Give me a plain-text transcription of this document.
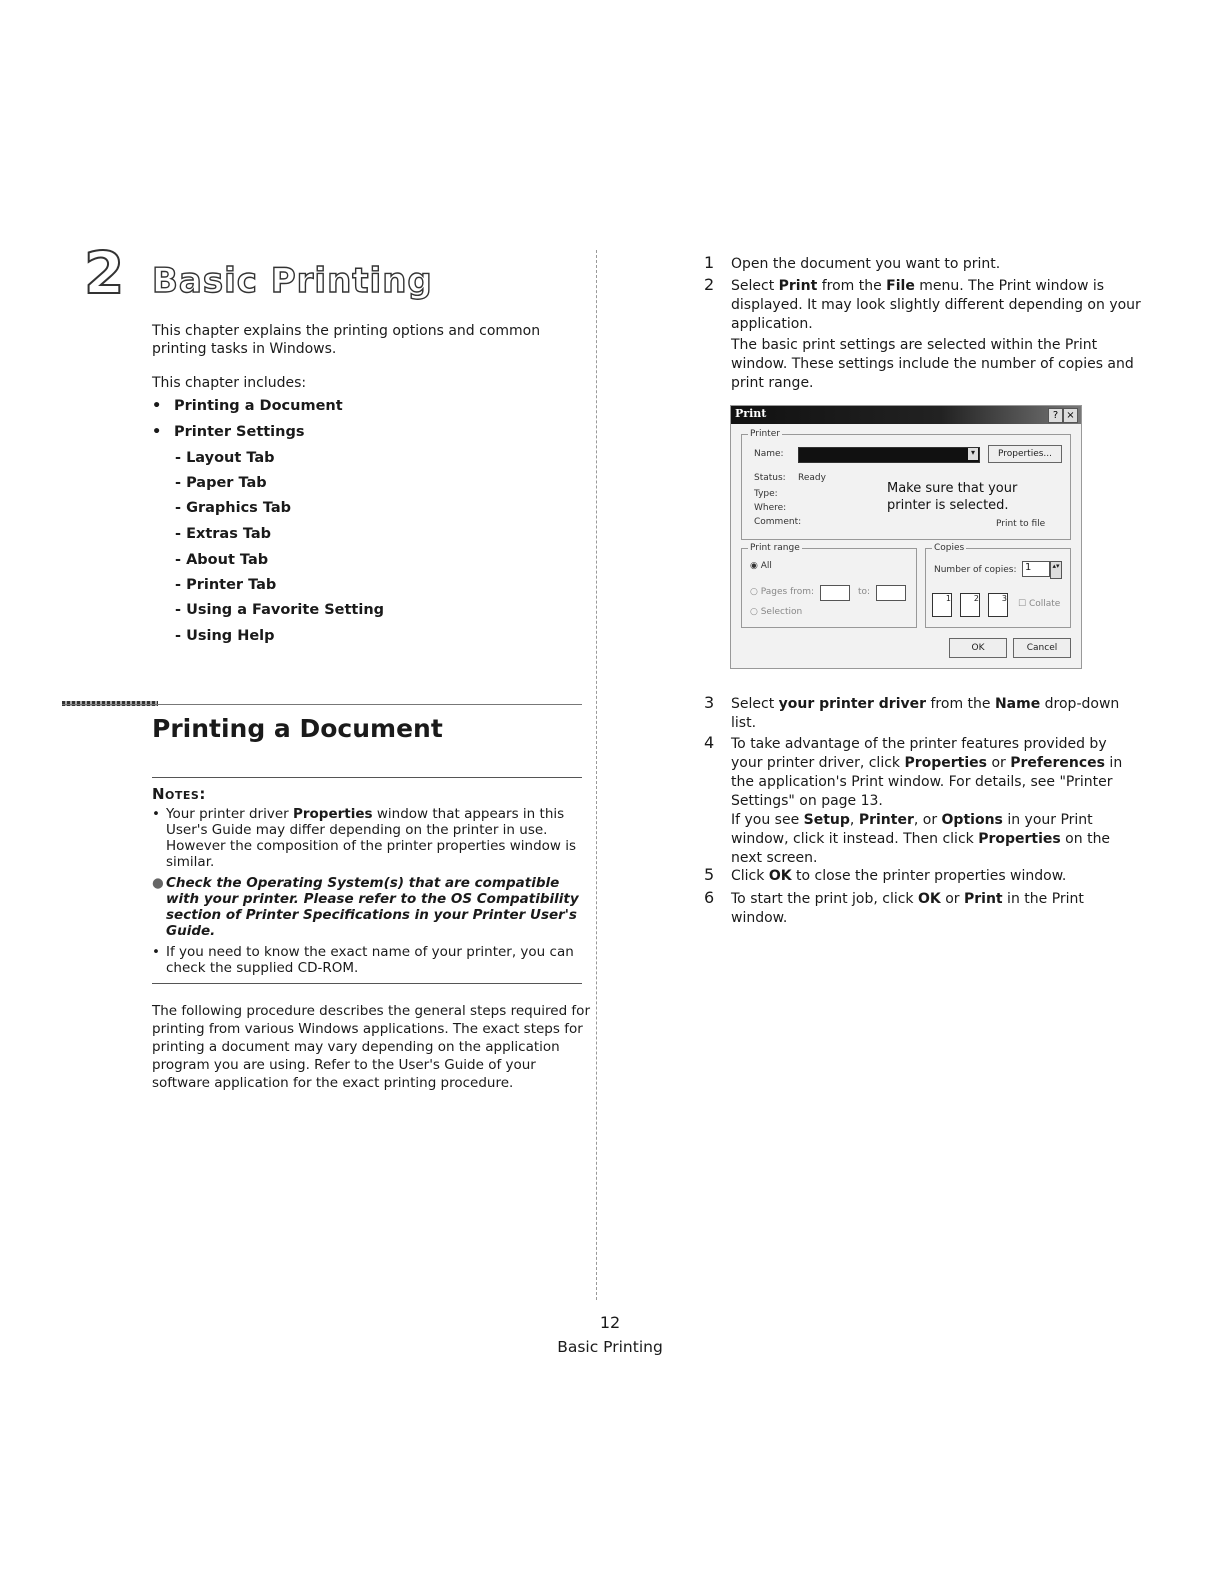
2 Basic Printing
This chapter explains the printing options and common printing tasks in Windows.
This chapter includes:
• Printing a Document
• Printer Settings
- Layout Tab
- Paper Tab
- Graphics Tab
- Extras Tab
- About Tab
- Printer Tab
- Using a Favorite Setting
- Using Help
Printing a Document
Notes:
• Your printer driver Properties window that appears in this User's Guide may differ depending on the printer in use. However the composition of the printer properties window is similar.
● Check the Operating System(s) that are compatible with your printer. Please refer to the OS Compatibility section of Printer Specifications in your Printer User's Guide.
• If you need to know the exact name of your printer, you can check the supplied CD-ROM.
The following procedure describes the general steps required for printing from various Windows applications. The exact steps for printing a document may vary depending on the application program you are using. Refer to the User's Guide of your software application for the exact printing procedure.
1 Open the document you want to print.
2 Select Print from the File menu. The Print window is displayed. It may look slightly different depending on your application.
The basic print settings are selected within the Print window. These settings include the number of copies and print range.
Print	? ×
Printer
Name:	▾	Properties...
Status: Ready
Type:
Where:
Comment:	Print to file
Make sure that your printer is selected.
Print range
◉ All
○ Pages from:	to:
○ Selection
Copies
Number of copies: 1	▴▾
1	2	3
☐ Collate
OK	Cancel
3 Select your printer driver from the Name drop-down list.
4 To take advantage of the printer features provided by your printer driver, click Properties or Preferences in the application's Print window. For details, see "Printer Settings" on page 13.
If you see Setup, Printer, or Options in your Print window, click it instead. Then click Properties on the next screen.
5 Click OK to close the printer properties window.
6 To start the print job, click OK or Print in the Print window.
12
Basic Printing
